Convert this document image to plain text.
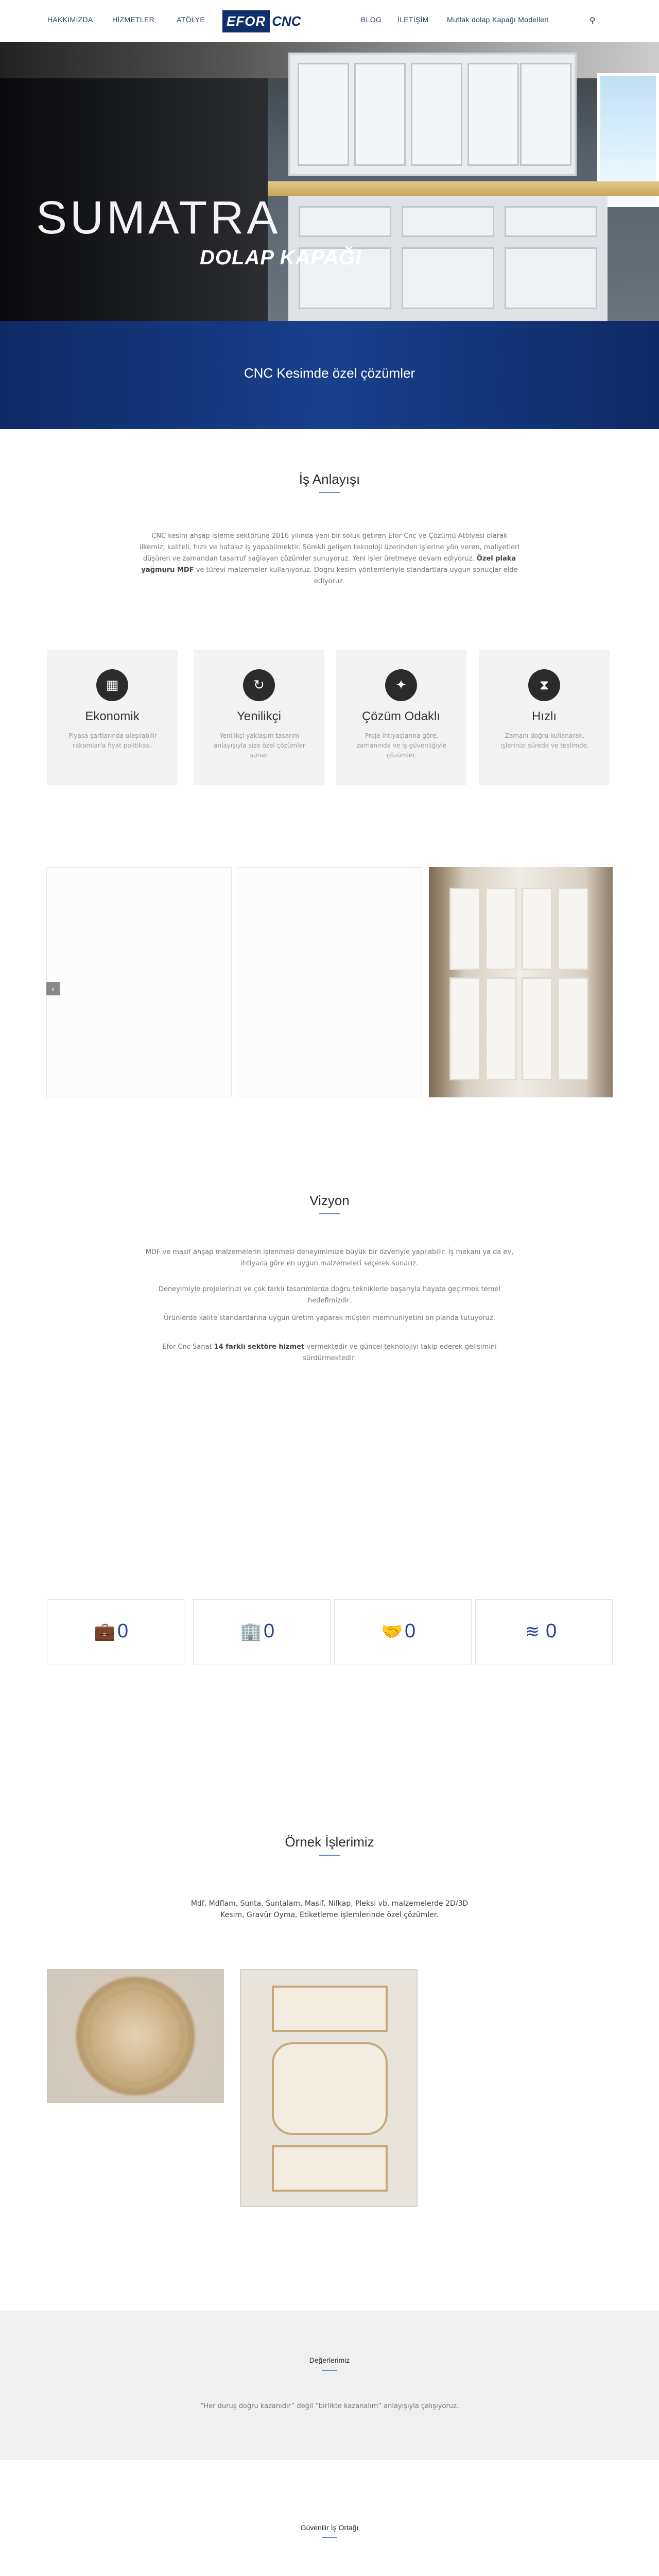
HAKKIMIZDA	HİZMETLER	ATÖLYE	EFOR CNC	BLOG İLETİŞİM	Mutfak dolap Kapağı Modelleri	⚲
SUMATRA
DOLAP KAPAĞI
CNC Kesimde özel çözümler
İş Anlayışı
CNC kesim ahşap işleme sektörüne 2016 yılında yeni bir soluk getiren Efor Cnc ve Çözümü Atölyesi olarak ilkemiz; kaliteli, hızlı ve hatasız iş yapabilmektir. Sürekli gelişen teknoloji üzerinden işlerine yön veren, maliyetleri düşüren ve zamandan tasarruf sağlayan çözümler sunuyoruz. Yeni işler üretmeye devam ediyoruz. Özel plaka yağmuru MDF ve türevi malzemeler kullanıyoruz. Doğru kesim yöntemleriyle standartlara uygun sonuçlar elde ediyoruz.
▦
Ekonomik
Piyasa şartlarında ulaşılabilir rakamlarla fiyat politikası.
↻
Yenilikçi
Yenilikçi yaklaşım tasarım anlayışıyla size özel çözümler sunar.
✦
Çözüm Odaklı
Proje ihtiyaçlarına göre, zamanında ve iş güvenliğiyle çözümler.
⧗
Hızlı
Zamanı doğru kullanarak, işlerinizi sürede ve teslimde.
‹
Vizyon
MDF ve masif ahşap malzemelerin işlenmesi deneyimimize büyük bir özveriyle yapılabilir. İş mekanı ya da ev, ihtiyaca göre en uygun malzemeleri seçerek sunarız.
Deneyimiyle projelerinizi ve çok farklı tasarımlarda doğru tekniklerle başarıyla hayata geçirmek temel hedefimizdir.
Ürünlerde kalite standartlarına uygun üretim yaparak müşteri memnuniyetini ön planda tutuyoruz.
Efor Cnc Sanat 14 farklı sektöre hizmet vermektedir ve güncel teknolojiyi takip ederek gelişimini sürdürmektedir.
💼 0	🏢 0	🤝 0	≋ 0
Örnek İşlerimiz
Mdf, Mdflam, Sunta, Suntalam, Masif, Nilkap, Pleksi vb. malzemelerde 2D/3D Kesim, Gravür Oyma, Etiketleme işlemlerinde özel çözümler.
Değerlerimiz
“Her duruş doğru kazanıdır” değil “birlikte kazanalım” anlayışıyla çalışıyoruz.
Güvenilir İş Ortağı
